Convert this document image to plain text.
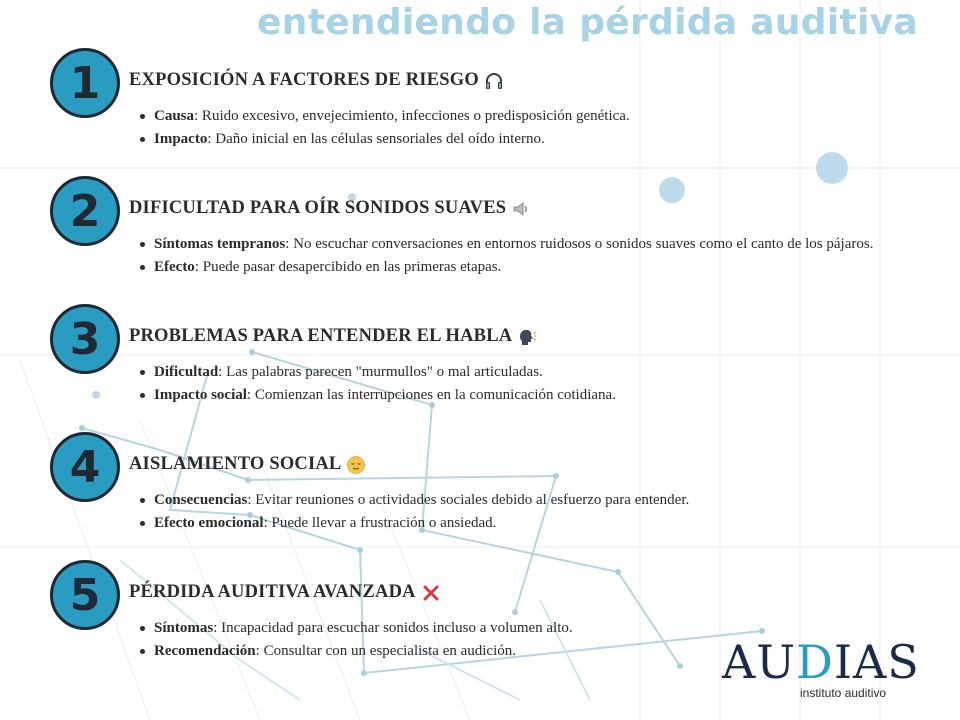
entendiendo la pérdida auditiva
1	EXPOSICIÓN A FACTORES DE RIESGO
Causa: Ruido excesivo, envejecimiento, infecciones o predisposición genética.
Impacto: Daño inicial en las células sensoriales del oído interno.
2	DIFICULTAD PARA OÍR SONIDOS SUAVES
Síntomas tempranos: No escuchar conversaciones en entornos ruidosos o sonidos suaves como el canto de los pájaros.
Efecto: Puede pasar desapercibido en las primeras etapas.
3	PROBLEMAS PARA ENTENDER EL HABLA
Dificultad: Las palabras parecen "murmullos" o mal articuladas.
Impacto social: Comienzan las interrupciones en la comunicación cotidiana.
4	AISLAMIENTO SOCIAL
Consecuencias: Evitar reuniones o actividades sociales debido al esfuerzo para entender.
Efecto emocional: Puede llevar a frustración o ansiedad.
5	PÉRDIDA AUDITIVA AVANZADA
Síntomas: Incapacidad para escuchar sonidos incluso a volumen alto.
Recomendación: Consultar con un especialista en audición.	AUDIAS
instituto auditivo
